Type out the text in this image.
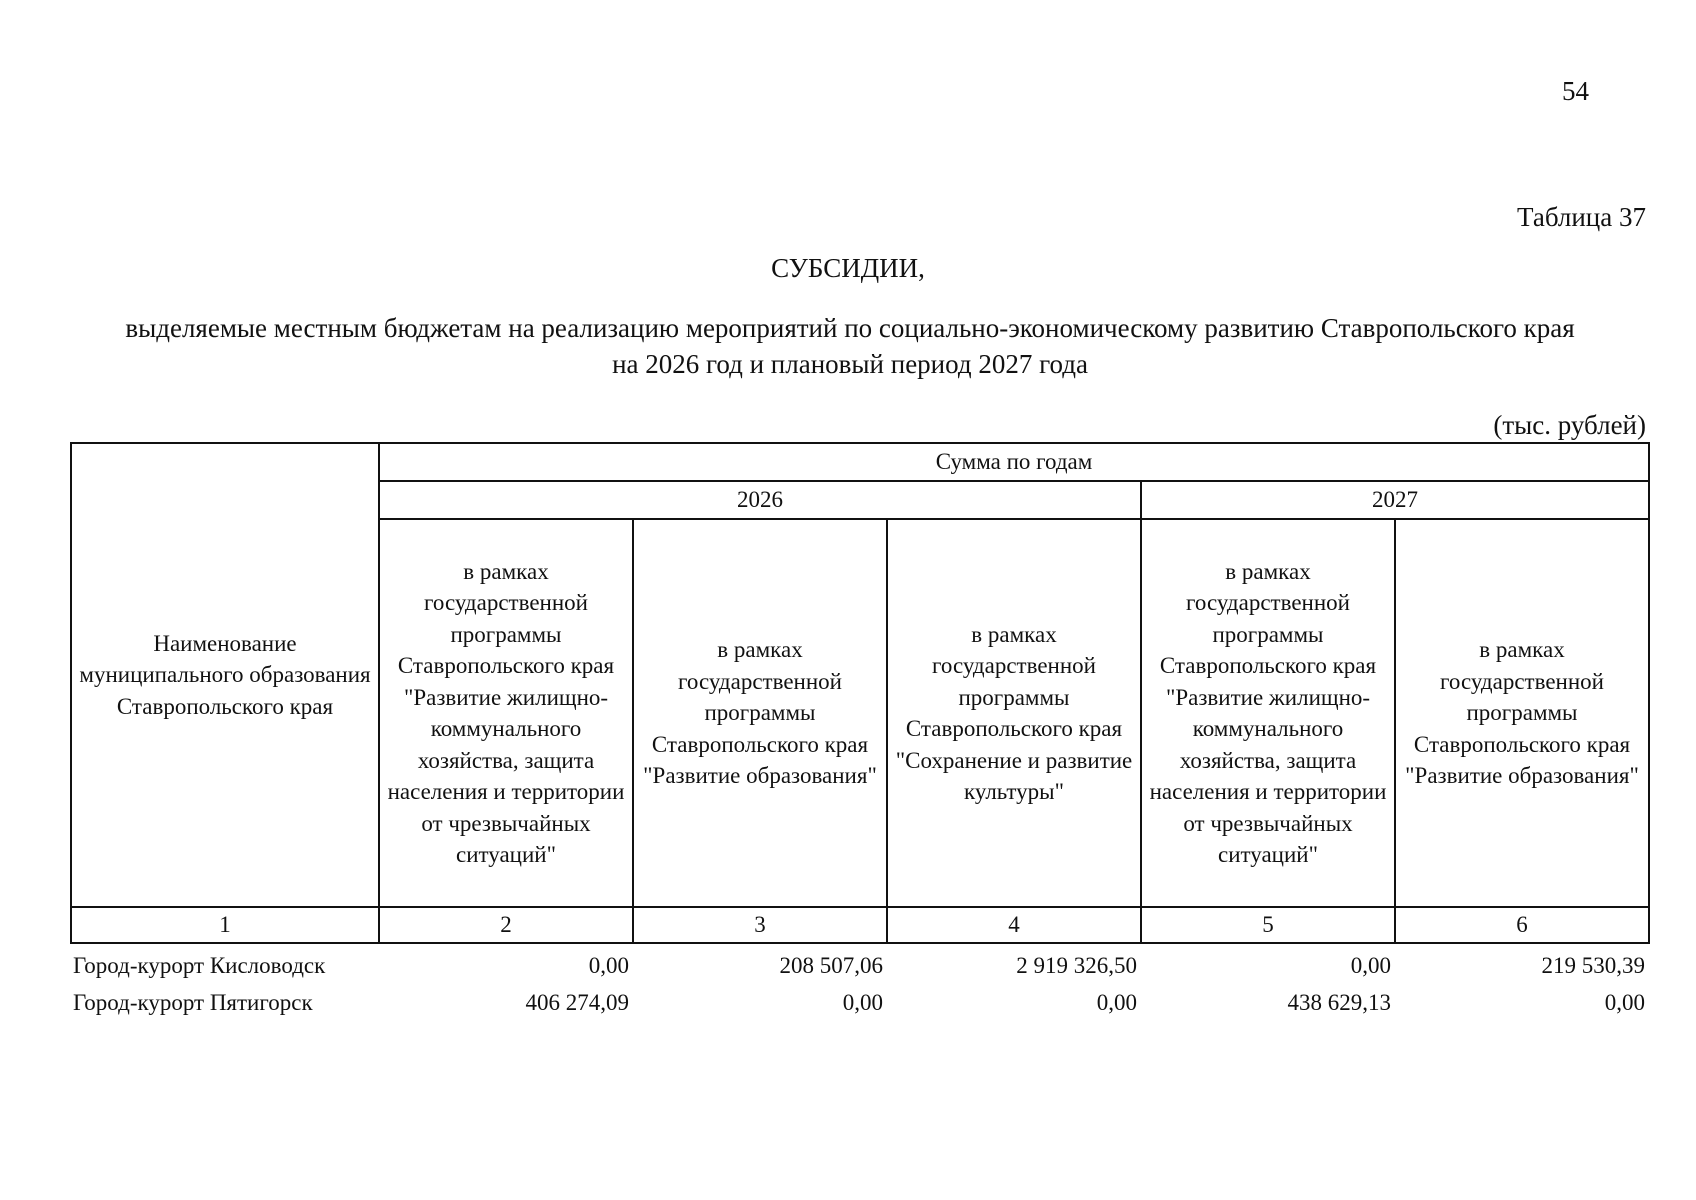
54
Таблица 37
СУБСИДИИ,
выделяемые местным бюджетам на реализацию мероприятий по социально-экономическому развитию Ставропольского края
на 2026 год и плановый период 2027 года
(тыс. рублей)
Наименование муниципального образования Ставропольского края	Сумма по годам				
	2026			2027	
	в рамках государственной программы Ставропольского края "Развитие жилищно-коммунального хозяйства, защита населения и территории от чрезвычайных ситуаций"	в рамках государственной программы Ставропольского края "Развитие образования"	в рамках государственной программы Ставропольского края "Сохранение и развитие культуры"	в рамках государственной программы Ставропольского края "Развитие жилищно-коммунального хозяйства, защита населения и территории от чрезвычайных ситуаций"	в рамках государственной программы Ставропольского края "Развитие образования"
1	2	3	4	5	6
Город-курорт Кисловодск	0,00	208 507,06	2 919 326,50	0,00	219 530,39
Город-курорт Пятигорск	406 274,09	0,00	0,00	438 629,13	0,00
